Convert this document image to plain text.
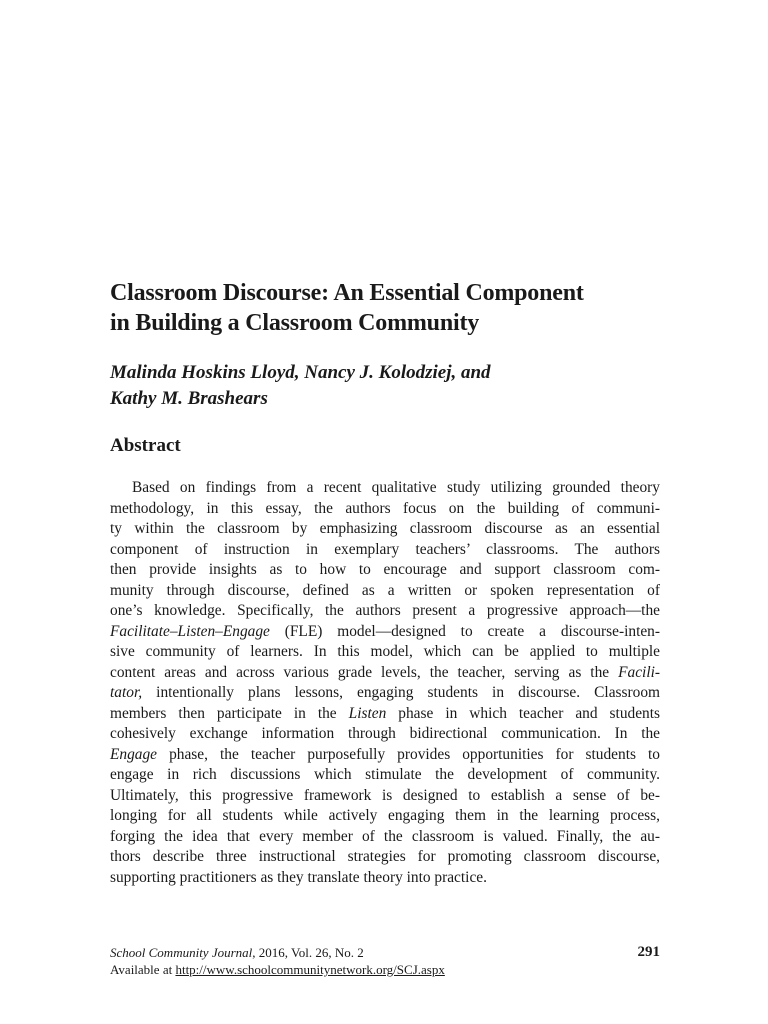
Classroom Discourse: An Essential Component
in Building a Classroom Community

Malinda Hoskins Lloyd, Nancy J. Kolodziej, and
Kathy M. Brashears

Abstract
Based on findings from a recent qualitative study utilizing grounded theory
methodology, in this essay, the authors focus on the building of communi-
ty within the classroom by emphasizing classroom discourse as an essential
component of instruction in exemplary teachers’ classrooms. The authors
then provide insights as to how to encourage and support classroom com-
munity through discourse, defined as a written or spoken representation of
one’s knowledge. Specifically, the authors present a progressive approach—the
Facilitate–Listen–Engage (FLE) model—designed to create a discourse-inten-
sive community of learners. In this model, which can be applied to multiple
content areas and across various grade levels, the teacher, serving as the Facili-
tator, intentionally plans lessons, engaging students in discourse. Classroom
members then participate in the Listen phase in which teacher and students
cohesively exchange information through bidirectional communication. In the
Engage phase, the teacher purposefully provides opportunities for students to
engage in rich discussions which stimulate the development of community.
Ultimately, this progressive framework is designed to establish a sense of be-
longing for all students while actively engaging them in the learning process,
forging the idea that every member of the classroom is valued. Finally, the au-
thors describe three instructional strategies for promoting classroom discourse,
supporting practitioners as they translate theory into practice.
School Community Journal, 2016, Vol. 26, No. 2
Available at http://www.schoolcommunitynetwork.org/SCJ.aspx
291
